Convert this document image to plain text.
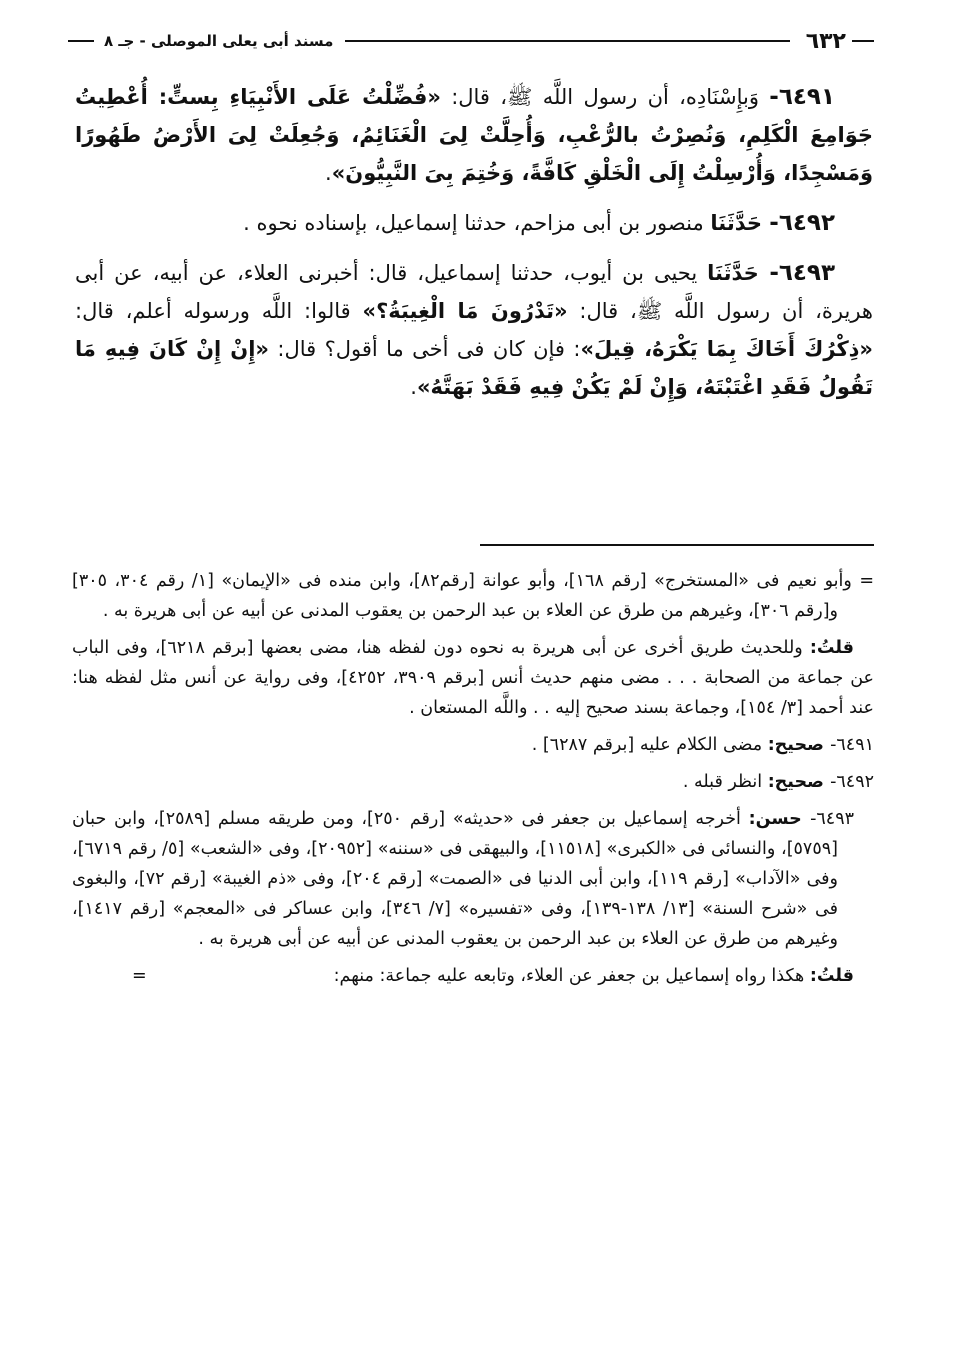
٦٣٢
مسند أبى يعلى الموصلى - جـ ٨

٦٤٩١- وَبإِسْنَادِه، أن رسول اللَّه ﷺ، قال: «فُضِّلْتُ عَلَى الأَنْبِيَاءِ بِستٍّ: أُعْطِيتُ جَوَامِعَ الْكَلِمِ، وَنُصِرْتُ بالرُّعْبِ، وَأُحِلَّتْ لِىَ الْغَنَائِمُ، وَجُعِلَتْ لِىَ الأَرْضُ طَهُورًا وَمَسْجِدًا، وَأُرْسِلْتُ إِلَى الْخَلْقِ كَافَّةً، وَخُتِمَ بِىَ النَّبِيُّونَ».

٦٤٩٢- حَدَّثَنَا منصور بن أبى مزاحم، حدثنا إسماعيل، بإسناده نحوه .

٦٤٩٣- حَدَّثَنَا يحيى بن أيوب، حدثنا إسماعيل، قال: أخبرنى العلاء، عن أبيه، عن أبى هريرة، أن رسول اللَّه ﷺ، قال: «تَدْرُونَ مَا الْغِيبَةُ؟» قالوا: اللَّه ورسوله أعلم، قال: «ذِكْرُكَ أَخَاكَ بِمَا يَكْرَهُ، قِيلَ»: فإن كان فى أخى ما أقول؟ قال: «إِنْ إِنْ كَانَ فِيهِ مَا تَقُولُ فَقَدِ اغْتَبْتَهُ، وَإِنْ لَمْ يَكُنْ فِيهِ فَقَدْ بَهَتَّهُ».

= وأبو نعيم فى «المستخرج» [رقم ١٦٨]، وأبو عوانة [رقم٨٢]، وابن منده فى «الإيمان» [١/ رقم ٣٠٤، ٣٠٥] و[رقم ٣٠٦]، وغيرهم من طرق عن العلاء بن عبد الرحمن بن يعقوب المدنى عن أبيه عن أبى هريرة به .

قلتُ: وللحديث طريق أخرى عن أبى هريرة به نحوه دون لفظه هنا، مضى بعضها [برقم ٦٢١٨]، وفى الباب عن جماعة من الصحابة . . . مضى منهم حديث أنس [برقم ٣٩٠٩، ٤٢٥٢]، وفى رواية عن أنس مثل لفظه هنا: عند أحمد [٣/ ١٥٤]، وجماعة بسند صحيح إليه . . واللَّه المستعان .

٦٤٩١- صحيح: مضى الكلام عليه [برقم ٦٢٨٧] .

٦٤٩٢- صحيح: انظر قبله .

٦٤٩٣- حسن: أخرجه إسماعيل بن جعفر فى «حديثه» [رقم ٢٥٠]، ومن طريقه مسلم [٢٥٨٩]، وابن حبان [٥٧٥٩]، والنسائى فى «الكبرى» [١١٥١٨]، والبيهقى فى «سننه» [٢٠٩٥٢]، وفى «الشعب» [٥/ رقم ٦٧١٩]، وفى «الآداب» [رقم ١١٩]، وابن أبى الدنيا فى «الصمت» [رقم ٢٠٤]، وفى «ذم الغيبة» [رقم ٧٢]، والبغوى فى «شرح السنة» [١٣/ ١٣٨-١٣٩]، وفى «تفسيره» [٧/ ٣٤٦]، وابن عساكر فى «المعجم» [رقم ١٤١٧]، وغيرهم من طرق عن العلاء بن عبد الرحمن بن يعقوب المدنى عن أبيه عن أبى هريرة به .

قلتُ: هكذا رواه إسماعيل بن جعفر عن العلاء، وتابعه عليه جماعة: منهم:
=
